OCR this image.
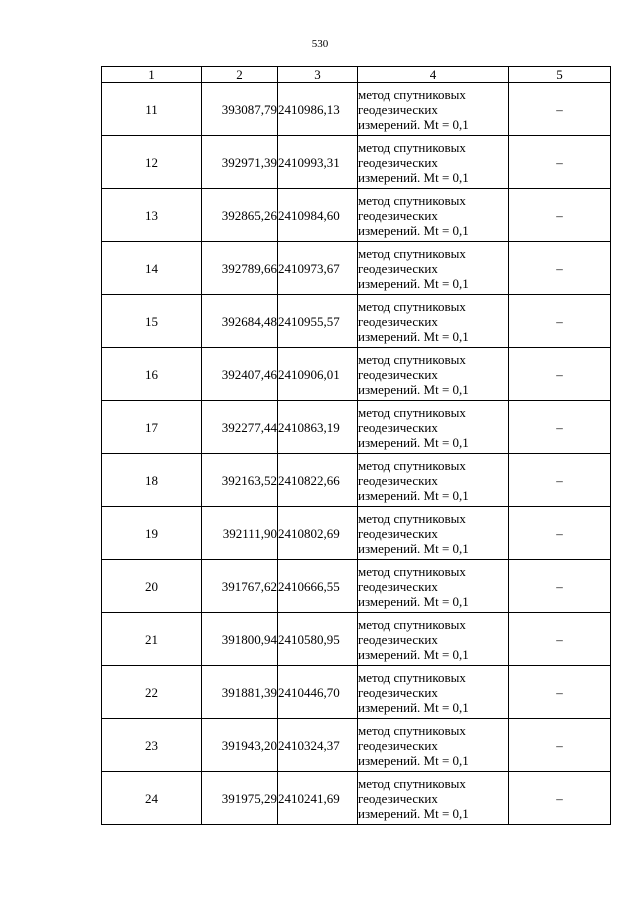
530
1	2	3	4	5
11	393087,79	2410986,13	метод спутниковых
геодезических
измерений. Mt = 0,1	–
12	392971,39	2410993,31	метод спутниковых
геодезических
измерений. Mt = 0,1	–
13	392865,26	2410984,60	метод спутниковых
геодезических
измерений. Mt = 0,1	–
14	392789,66	2410973,67	метод спутниковых
геодезических
измерений. Mt = 0,1	–
15	392684,48	2410955,57	метод спутниковых
геодезических
измерений. Mt = 0,1	–
16	392407,46	2410906,01	метод спутниковых
геодезических
измерений. Mt = 0,1	–
17	392277,44	2410863,19	метод спутниковых
геодезических
измерений. Mt = 0,1	–
18	392163,52	2410822,66	метод спутниковых
геодезических
измерений. Mt = 0,1	–
19	392111,90	2410802,69	метод спутниковых
геодезических
измерений. Mt = 0,1	–
20	391767,62	2410666,55	метод спутниковых
геодезических
измерений. Mt = 0,1	–
21	391800,94	2410580,95	метод спутниковых
геодезических
измерений. Mt = 0,1	–
22	391881,39	2410446,70	метод спутниковых
геодезических
измерений. Mt = 0,1	–
23	391943,20	2410324,37	метод спутниковых
геодезических
измерений. Mt = 0,1	–
24	391975,29	2410241,69	метод спутниковых
геодезических
измерений. Mt = 0,1	–
